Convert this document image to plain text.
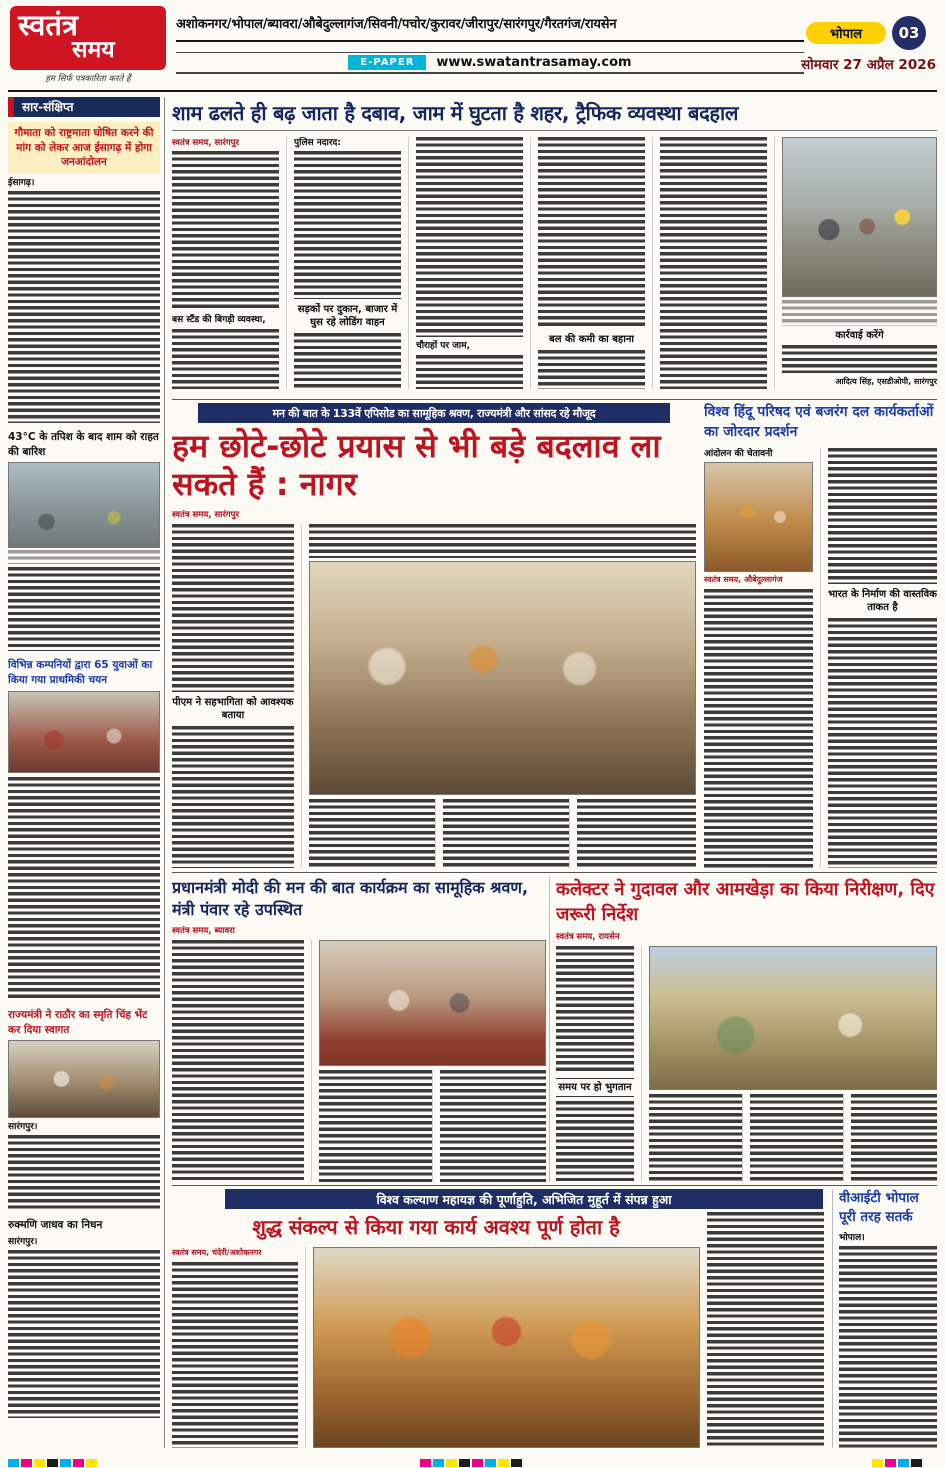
स्वतंत्र
समय
हम सिर्फ पत्रकारिता करते हैं
अशोकनगर/भोपाल/ब्यावरा/औबेदुल्लागंज/सिवनी/पचोर/कुरावर/जीरापुर/सारंगपुर/गैरतगंज/रायसेन
E-PAPER	www.swatantrasamay.com
भोपाल	03
सोमवार 27 अप्रैल 2026
सार-संक्षिप्त
गौमाता को राष्ट्रमाता घोषित करने की मांग को लेकर आज ईसागढ़ में होगा जनआंदोलन
ईसागढ़।
43°C के तपिश के बाद शाम को राहत की बारिश
विभिन्न कम्पनियों द्वारा 65 युवाओं का किया गया प्राथमिकी चयन
राज्यमंत्री ने राठौर का स्मृति चिंह भेंट कर दिया स्वागत
सारंगपुर।
रुक्मणि जाधव का निधन
सारंगपुर।
शाम ढलते ही बढ़ जाता है दबाव, जाम में घुटता है शहर, ट्रैफिक व्यवस्था बदहाल
स्वतंत्र समय, सारंगपुर
बस स्टैंड की बिगड़ी व्यवस्था,
पुलिस नदारद:
सड़कों पर दुकान, बाजार में घुस रहे लोडिंग वाहन
चौराहों पर जाम,
बल की कमी का बहाना	कार्रवाई करेंगे
आदित्य सिंह, एसडीओपी, सारंगपुर
मन की बात के 133वें एपिसोड का सामूहिक श्रवण, राज्यमंत्री और सांसद रहे मौजूद
हम छोटे-छोटे प्रयास से भी बड़े बदलाव ला सकते हैं : नागर
स्वतंत्र समय, सारंगपुर
पीएम ने सहभागिता को आवश्यक बताया
विश्व हिंदू परिषद एवं बजरंग दल कार्यकर्ताओं का जोरदार प्रदर्शन
आंदोलन की चेतावनी
स्वतंत्र समय, औबेदुल्लागंज
भारत के निर्माण की वास्तविक ताकत है
प्रधानमंत्री मोदी की मन की बात कार्यक्रम का सामूहिक श्रवण, मंत्री पंवार रहे उपस्थित
स्वतंत्र समय, ब्यावरा
कलेक्टर ने गुदावल और आमखेड़ा का किया निरीक्षण, दिए जरूरी निर्देश
स्वतंत्र समय, रायसेन
समय पर हो भुगतान
विश्व कल्याण महायज्ञ की पूर्णाहुति, अभिजित मुहूर्त में संपन्न हुआ
शुद्ध संकल्प से किया गया कार्य अवश्य पूर्ण होता है
स्वतंत्र समय, चंदेरी/अशोकनगर
वीआईटी भोपाल पूरी तरह सतर्क
भोपाल।
